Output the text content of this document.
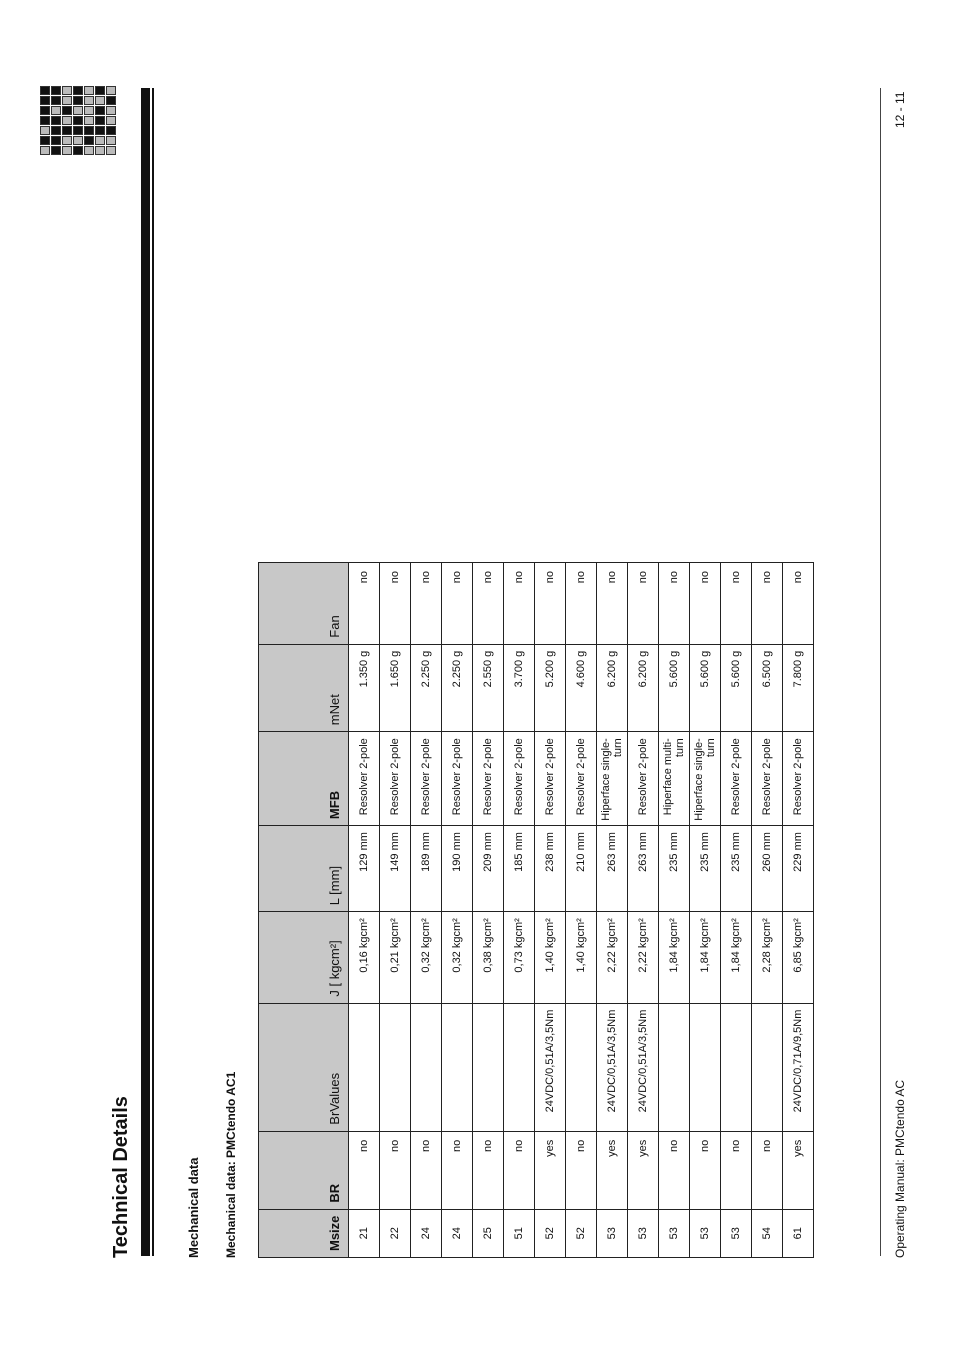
Technical Details	Mechanical data Mechanical data: PMCtendo AC1	Msize	BR	BrValues	J [ kgcm²]	L [mm]	MFB	mNet	Fan
21	no		0,16 kgcm²	129 mm	Resolver 2-pole	1.350 g	no
22	no		0,21 kgcm²	149 mm	Resolver 2-pole	1.650 g	no
24	no		0,32 kgcm²	189 mm	Resolver 2-pole	2.250 g	no
24	no		0,32 kgcm²	190 mm	Resolver 2-pole	2.250 g	no
25	no		0,38 kgcm²	209 mm	Resolver 2-pole	2.550 g	no
51	no		0,73 kgcm²	185 mm	Resolver 2-pole	3.700 g	no
52	yes	24VDC/0,51A/3,5Nm	1,40 kgcm²	238 mm	Resolver 2-pole	5.200 g	no
52	no		1,40 kgcm²	210 mm	Resolver 2-pole	4.600 g	no
53	yes	24VDC/0,51A/3,5Nm	2,22 kgcm²	263 mm	Hiperface single-turn	6.200 g	no
53	yes	24VDC/0,51A/3,5Nm	2,22 kgcm²	263 mm	Resolver 2-pole	6.200 g	no
53	no		1,84 kgcm²	235 mm	Hiperface multi-turn	5.600 g	no
53	no		1,84 kgcm²	235 mm	Hiperface single-turn	5.600 g	no
53	no		1,84 kgcm²	235 mm	Resolver 2-pole	5.600 g	no
54	no		2,28 kgcm²	260 mm	Resolver 2-pole	6.500 g	no
61	yes	24VDC/0,71A/9,5Nm	6,85 kgcm²	229 mm	Resolver 2-pole	7.800 g	no
Operating Manual: PMCtendo AC
12 - 11
